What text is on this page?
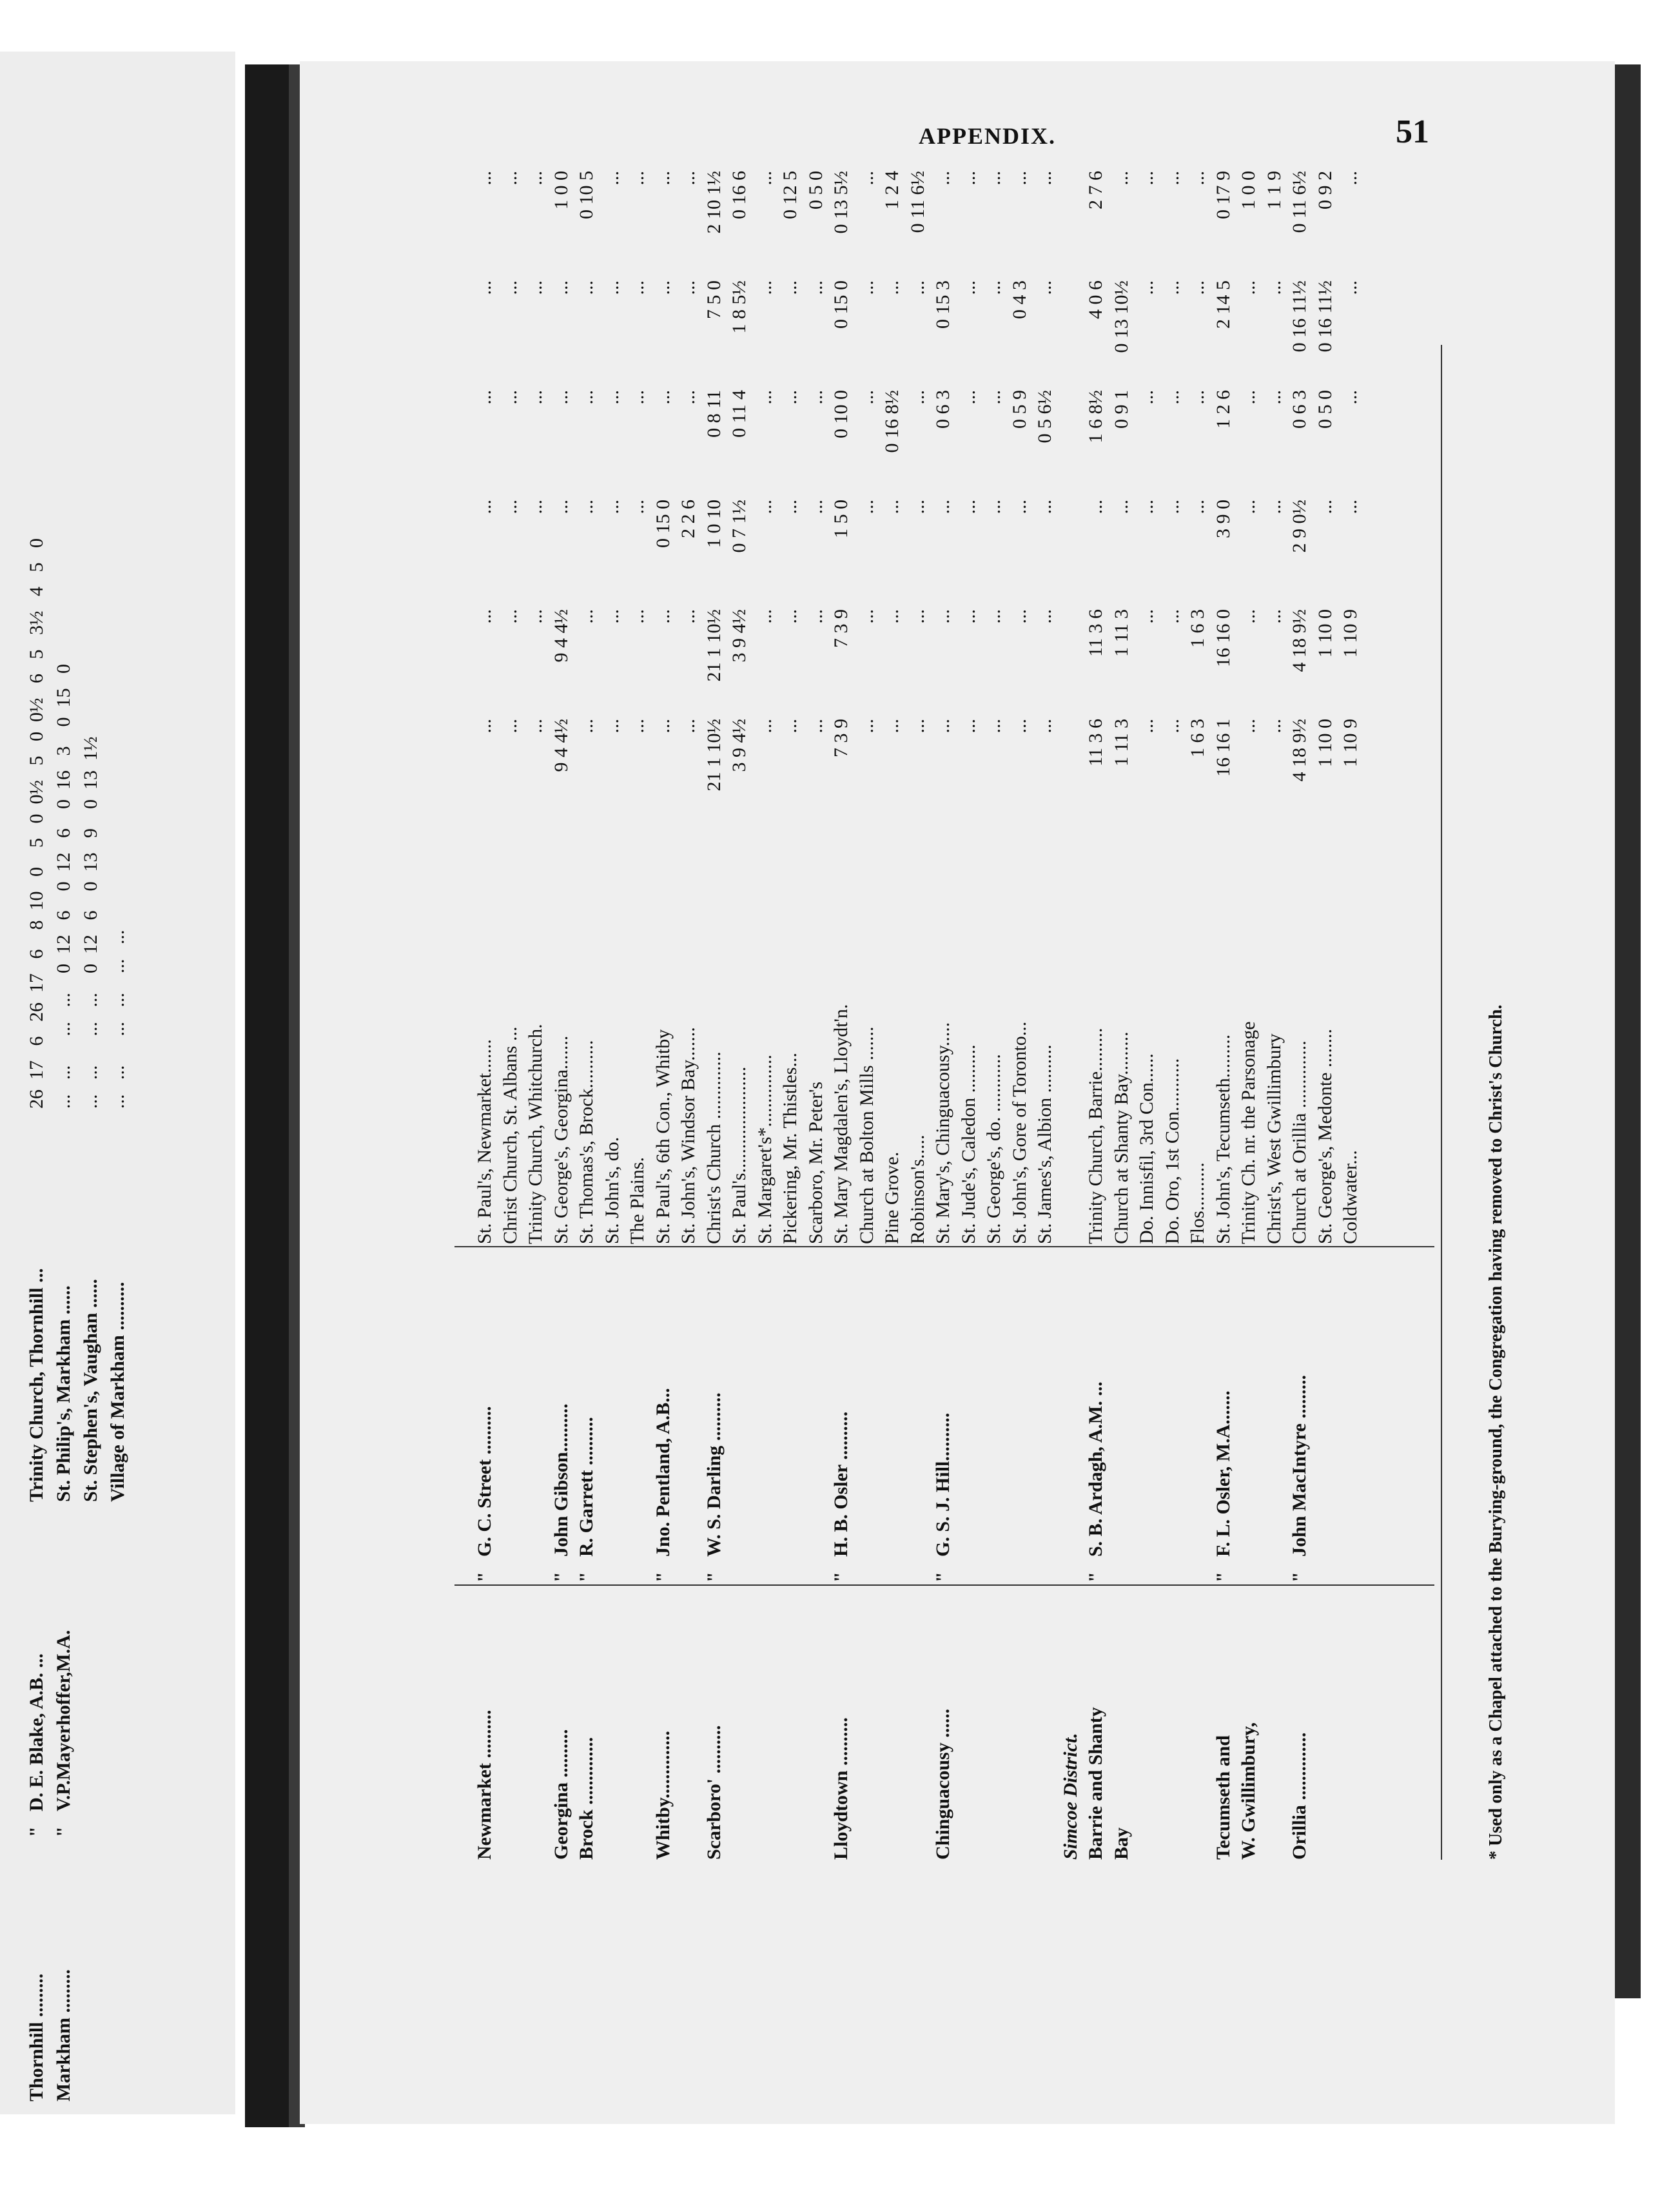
Thornhill .........
"
D. E. Blake, A.B. ...
Trinity Church, Thornhill ...
26  17   6   26  17   6    8  10   0    5   0  0½   5   0  0½   6   5   3½   4   5   0
Markham .........
"
V.P.Mayerhoffer,M.A.
St. Philip's, Markham ......
...   ...      ...   ...    0  12   6    0  12   6    0  16   3    0  15   0
St. Stephen's, Vaughan ......
...   ...      ...   ...    0  12   6    0  13   9    0  13  1½
Village of Markham ..........
...   ...      ...   ...    ...   ...
APPENDIX.	51
Newmarket ..........
"
G. C. Street ..........
St. Paul's, Newmarket.......
...
...
...
...
...
...
Christ Church, St. Albans ...
...
...
...
...
...
...
Trinity Church, Whitchurch.
...
...
...
...
...
...
Georgina ..........
"
John Gibson..........
St. George's, Georgina.......
9 4 4½
9 4 4½
...
...
...
1 0 0
Brock ..............
"
R. Garrett ..........
St. Thomas's, Brock..........
...
...
...
...
...
0 10 5
St. John's, do.
...
...
...
...
...
...
The Plains.
...
...
...
...
...
...
Whitby..............
"
Jno. Pentland, A.B...
St. Paul's, 6th Con., Whitby
...
...
0 15 0
...
...
...
St. John's, Windsor Bay.......
...
...
2 2 6
...
...
...
Scarboro' ..........
"
W. S. Darling ..........
Christ's Church ..............
21 1 10½
21 1 10½
1 0 10
0 8 11
7 5 0
2 10 1½
St. Paul's......................
3 9 4½
3 9 4½
0 7 1½
0 11 4
1 8 5½
0 16 6
St. Margaret's*...............
...
...
...
...
...
...
Pickering, Mr. Thistles...
...
...
...
...
...
0 12 5
Scarboro, Mr. Peter's
...
...
...
...
...
0 5 0
Lloydtown ..........
"
H. B. Osler ..........
St. Mary Magdalen's, Lloydt'n.
7 3 9
7 3 9
1 5 0
0 10 0
0 15 0
0 13 5½
Church at Bolton Mills .......
...
...
...
...
...
...
Pine Grove.
...
...
...
0 16 8½
...
1 2 4
Robinson's.....
...
...
...
...
...
0 11 6½
Chinguacousy ......
"
G. S. J. Hill..........
St. Mary's, Chinguacousy.....
...
...
...
0 6 3
0 15 3
...
St. Jude's, Caledon ..........
...
...
...
...
...
...
St. George's, do. ............
...
...
...
...
...
...
St. John's, Gore of Toronto...
...
...
...
0 5 9
0 4 3
...
St. James's, Albion ..........
...
...
...
0 5 6½
...
...
Simcoe District. Barrie and Shanty
"
S. B. Ardagh, A.M. ...
Trinity Church, Barrie.........
11 3 6
11 3 6
...
1 6 8½
4 0 6
2 7 6
Bay
Church at Shanty Bay.........
1 11 3
1 11 3
...
0 9 1
0 13 10½
...
Do. Innisfil, 3rd Con......
...
...
...
...
...
...
Do. Oro, 1st Con...........
...
...
...
...
...
...
Flos..........
1 6 3
1 6 3
...
...
...
...
Tecumseth and
"
F. L. Osler, M.A.......
St. John's, Tecumseth.........
16 16 1
16 16 0
3 9 0
1 2 6
2 14 5
0 17 9
W. Gwillimbury,
Trinity Ch. nr. the Parsonage
...
...
...
...
...
1 0 0
Christ's, West Gwillimbury
...
...
...
...
...
1 1 9
Orillia ..............
"
John MacIntyre .........
Church at Orillia ..............
4 18 9½
4 18 9½
2 9 0½
0 6 3
0 16 11½
0 11 6½
St. George's, Medonte ........
1 10 0
1 10 0
...
0 5 0
0 16 11½
0 9 2
Coldwater...
1 10 9
1 10 9
...
...
...
...
* Used only as a Chapel attached to the Burying-ground, the Congregation having removed to Christ's Church.
